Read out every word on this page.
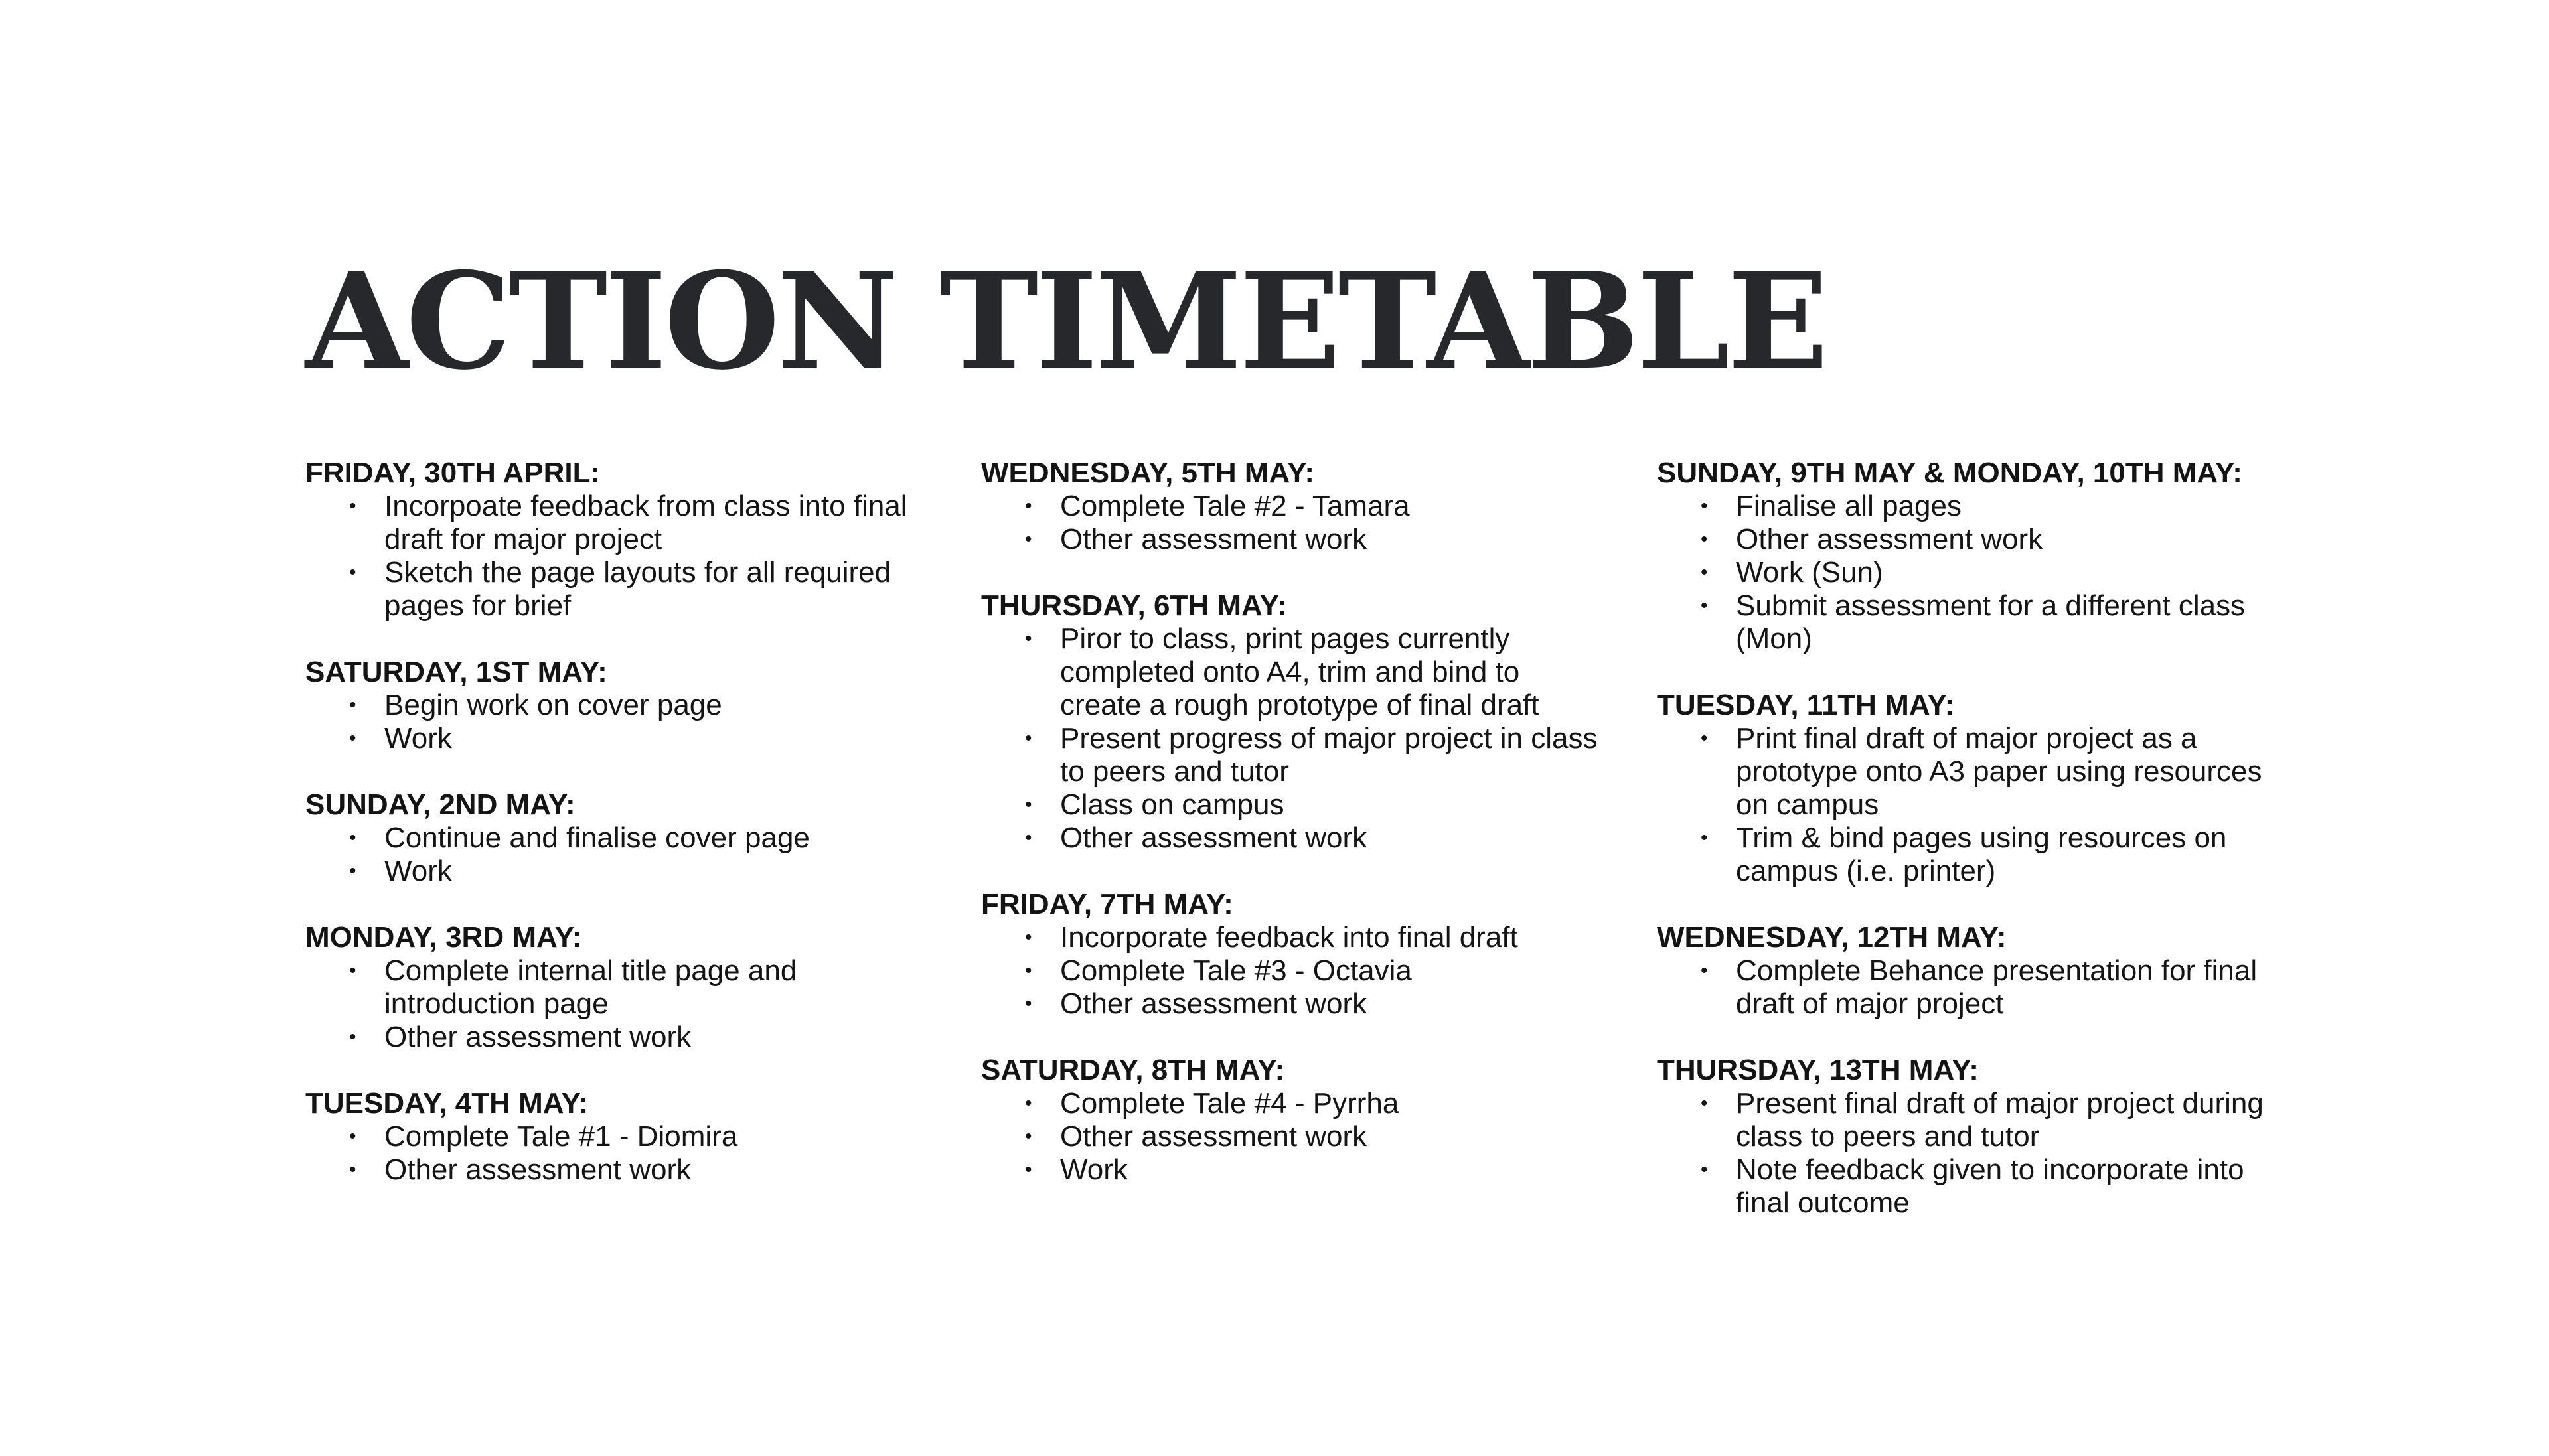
ACTION TIMETABLE
FRIDAY, 30TH APRIL:
• Incorpoate feedback from class into final draft for major project
• Sketch the page layouts for all required pages for brief
SATURDAY, 1ST MAY:
• Begin work on cover page
• Work
SUNDAY, 2ND MAY:
• Continue and finalise cover page
• Work
MONDAY, 3RD MAY:
• Complete internal title page and introduction page
• Other assessment work
TUESDAY, 4TH MAY:
• Complete Tale #1 - Diomira
• Other assessment work
WEDNESDAY, 5TH MAY:
• Complete Tale #2 - Tamara
• Other assessment work
THURSDAY, 6TH MAY:
• Piror to class, print pages currently completed onto A4, trim and bind to create a rough prototype of final draft
• Present progress of major project in class to peers and tutor
• Class on campus
• Other assessment work
FRIDAY, 7TH MAY:
• Incorporate feedback into final draft
• Complete Tale #3 - Octavia
• Other assessment work
SATURDAY, 8TH MAY:
• Complete Tale #4 - Pyrrha
• Other assessment work
• Work
SUNDAY, 9TH MAY & MONDAY, 10TH MAY:
• Finalise all pages
• Other assessment work
• Work (Sun)
• Submit assessment for a different class (Mon)
TUESDAY, 11TH MAY:
• Print final draft of major project as a prototype onto A3 paper using resources on campus
• Trim & bind pages using resources on campus (i.e. printer)
WEDNESDAY, 12TH MAY:
• Complete Behance presentation for final draft of major project
THURSDAY, 13TH MAY:
• Present final draft of major project during class to peers and tutor
• Note feedback given to incorporate into final outcome
